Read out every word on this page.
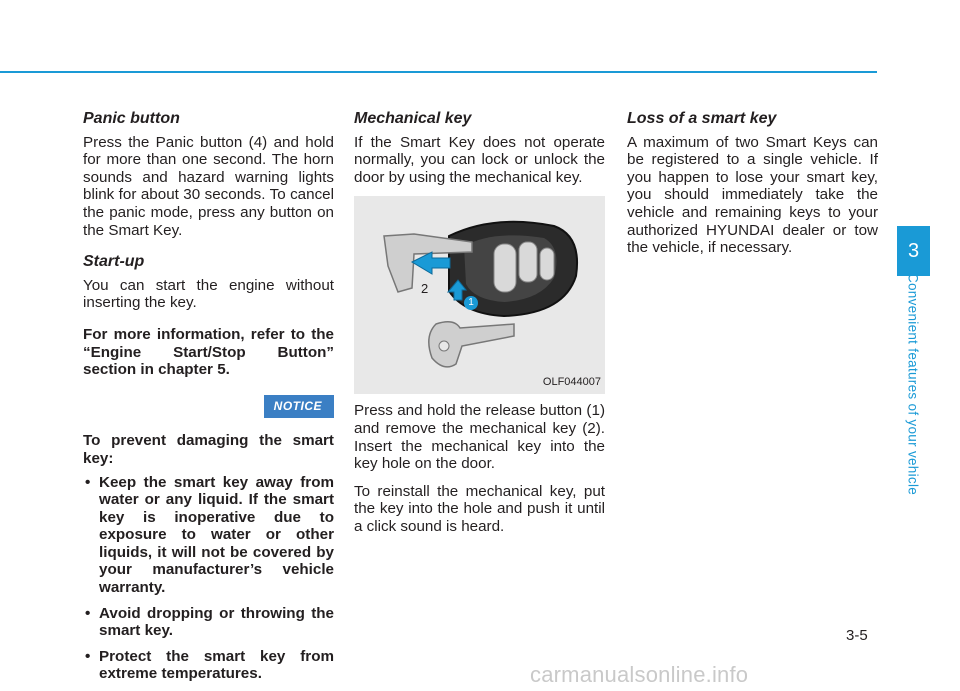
Panic button

Press the Panic button (4) and hold for more than one second. The horn sounds and hazard warning lights blink for about 30 seconds. To cancel the panic mode, press any button on the Smart Key.

Start-up

You can start the engine without inserting the key.

For more information, refer to the “Engine Start/Stop Button” section in chapter 5.

NOTICE

To prevent damaging the smart key:

• Keep the smart key away from water or any liquid. If the smart key is inoperative due to exposure to water or other liquids, it will not be covered by your manufacturer’s vehicle warranty.
• Avoid dropping or throwing the smart key.
• Protect the smart key from extreme temperatures.
Mechanical key

If the Smart Key does not operate normally, you can lock or unlock the door by using the mechanical key.

2
1
OLF044007

Press and hold the release button (1) and remove the mechanical key (2). Insert the mechanical key into the key hole on the door.

To reinstall the mechanical key, put the key into the hole and push it until a click sound is heard.

Loss of a smart key

A maximum of two Smart Keys can be registered to a single vehicle. If you happen to lose your smart key, you should immediately take the vehicle and remaining keys to your authorized HYUNDAI dealer or tow the vehicle, if necessary.	3
Convenient features of your vehicle
3-5
carmanualsonline.info
